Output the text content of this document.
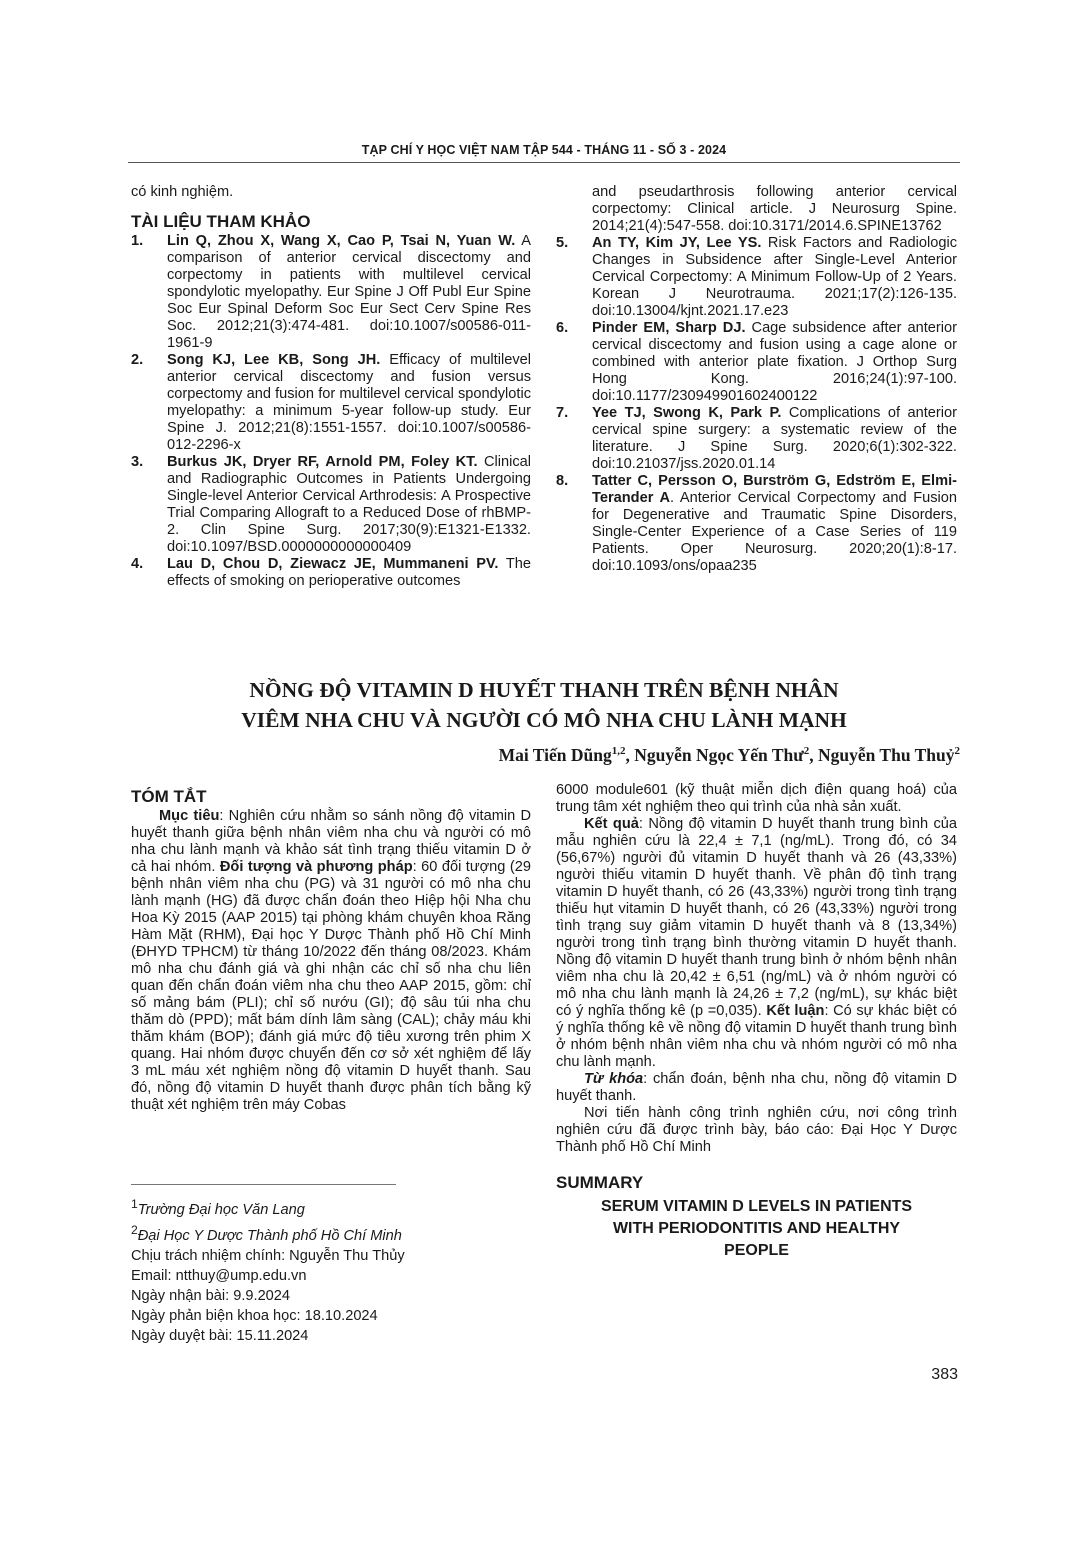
TẠP CHÍ Y HỌC VIỆT NAM TẬP 544 - THÁNG 11 - SỐ 3 - 2024

có kinh nghiệm.

TÀI LIỆU THAM KHẢO
1.	Lin Q, Zhou X, Wang X, Cao P, Tsai N, Yuan W. A comparison of anterior cervical discectomy and corpectomy in patients with multilevel cervical spondylotic myelopathy. Eur Spine J Off Publ Eur Spine Soc Eur Spinal Deform Soc Eur Sect Cerv Spine Res Soc. 2012;21(3):474-481. doi:10.1007/s00586-011-1961-9
2.	Song KJ, Lee KB, Song JH. Efficacy of multilevel anterior cervical discectomy and fusion versus corpectomy and fusion for multilevel cervical spondylotic myelopathy: a minimum 5-year follow-up study. Eur Spine J. 2012;21(8):1551-1557. doi:10.1007/s00586-012-2296-x
3.	Burkus JK, Dryer RF, Arnold PM, Foley KT. Clinical and Radiographic Outcomes in Patients Undergoing Single-level Anterior Cervical Arthrodesis: A Prospective Trial Comparing Allograft to a Reduced Dose of rhBMP-2. Clin Spine Surg. 2017;30(9):E1321-E1332. doi:10.1097/BSD.0000000000000409
4.	Lau D, Chou D, Ziewacz JE, Mummaneni PV. The effects of smoking on perioperative outcomes
and pseudarthrosis following anterior cervical corpectomy: Clinical article. J Neurosurg Spine. 2014;21(4):547-558. doi:10.3171/2014.6.SPINE13762
5.	An TY, Kim JY, Lee YS. Risk Factors and Radiologic Changes in Subsidence after Single-Level Anterior Cervical Corpectomy: A Minimum Follow-Up of 2 Years. Korean J Neurotrauma. 2021;17(2):126-135. doi:10.13004/kjnt.2021.17.e23
6.	Pinder EM, Sharp DJ. Cage subsidence after anterior cervical discectomy and fusion using a cage alone or combined with anterior plate fixation. J Orthop Surg Hong Kong. 2016;24(1):97-100. doi:10.1177/230949901602400122
7.	Yee TJ, Swong K, Park P. Complications of anterior cervical spine surgery: a systematic review of the literature. J Spine Surg. 2020;6(1):302-322. doi:10.21037/jss.2020.01.14
8.	Tatter C, Persson O, Burström G, Edström E, Elmi-Terander A. Anterior Cervical Corpectomy and Fusion for Degenerative and Traumatic Spine Disorders, Single-Center Experience of a Case Series of 119 Patients. Oper Neurosurg. 2020;20(1):8-17. doi:10.1093/ons/opaa235
NỒNG ĐỘ VITAMIN D HUYẾT THANH TRÊN BỆNH NHÂN
VIÊM NHA CHU VÀ NGƯỜI CÓ MÔ NHA CHU LÀNH MẠNH
Mai Tiến Dũng$^{1,2}$, Nguyễn Ngọc Yến Thư$^2$, Nguyễn Thu Thuỷ$^2$
TÓM TẮT

Mục tiêu: Nghiên cứu nhằm so sánh nồng độ vitamin D huyết thanh giữa bệnh nhân viêm nha chu và người có mô nha chu lành mạnh và khảo sát tình trạng thiếu vitamin D ở cả hai nhóm. Đối tượng và phương pháp: 60 đối tượng (29 bệnh nhân viêm nha chu (PG) và 31 người có mô nha chu lành mạnh (HG) đã được chẩn đoán theo Hiệp hội Nha chu Hoa Kỳ 2015 (AAP 2015) tại phòng khám chuyên khoa Răng Hàm Mặt (RHM), Đại học Y Dược Thành phố Hồ Chí Minh (ĐHYD TPHCM) từ tháng 10/2022 đến tháng 08/2023. Khám mô nha chu đánh giá và ghi nhận các chỉ số nha chu liên quan đến chẩn đoán viêm nha chu theo AAP 2015, gồm: chỉ số mảng bám (PLI); chỉ số nướu (GI); độ sâu túi nha chu thăm dò (PPD); mất bám dính lâm sàng (CAL); chảy máu khi thăm khám (BOP); đánh giá mức độ tiêu xương trên phim X quang. Hai nhóm được chuyển đến cơ sở xét nghiệm để lấy 3 mL máu xét nghiệm nồng độ vitamin D huyết thanh. Sau đó, nồng độ vitamin D huyết thanh được phân tích bằng kỹ thuật xét nghiệm trên máy Cobas

$^1$Trường Đại học Văn Lang
$^2$Đại Học Y Dược Thành phố Hồ Chí Minh
Chịu trách nhiệm chính: Nguyễn Thu Thủy
Email: ntthuy@ump.edu.vn
Ngày nhận bài: 9.9.2024
Ngày phản biện khoa học: 18.10.2024
Ngày duyệt bài: 15.11.2024

6000 module601 (kỹ thuật miễn dịch điện quang hoá) của trung tâm xét nghiệm theo qui trình của nhà sản xuất.

Kết quả: Nồng độ vitamin D huyết thanh trung bình của mẫu nghiên cứu là 22,4 ± 7,1 (ng/mL). Trong đó, có 34 (56,67%) người đủ vitamin D huyết thanh và 26 (43,33%) người thiếu vitamin D huyết thanh. Về phân độ tình trạng vitamin D huyết thanh, có 26 (43,33%) người trong tình trạng thiếu hụt vitamin D huyết thanh, có 26 (43,33%) người trong tình trạng suy giảm vitamin D huyết thanh và 8 (13,34%) người trong tình trạng bình thường vitamin D huyết thanh. Nồng độ vitamin D huyết thanh trung bình ở nhóm bệnh nhân viêm nha chu là 20,42 ± 6,51 (ng/mL) và ở nhóm người có mô nha chu lành mạnh là 24,26 ± 7,2 (ng/mL), sự khác biệt có ý nghĩa thống kê (p =0,035). Kết luận: Có sự khác biệt có ý nghĩa thống kê về nồng độ vitamin D huyết thanh trung bình ở nhóm bệnh nhân viêm nha chu và nhóm người có mô nha chu lành mạnh.

Từ khóa: chẩn đoán, bệnh nha chu, nồng độ vitamin D huyết thanh.

Nơi tiến hành công trình nghiên cứu, nơi công trình nghiên cứu đã được trình bày, báo cáo: Đại Học Y Dược Thành phố Hồ Chí Minh

SUMMARY

SERUM VITAMIN D LEVELS IN PATIENTS

WITH PERIODONTITIS AND HEALTHY

PEOPLE

383
